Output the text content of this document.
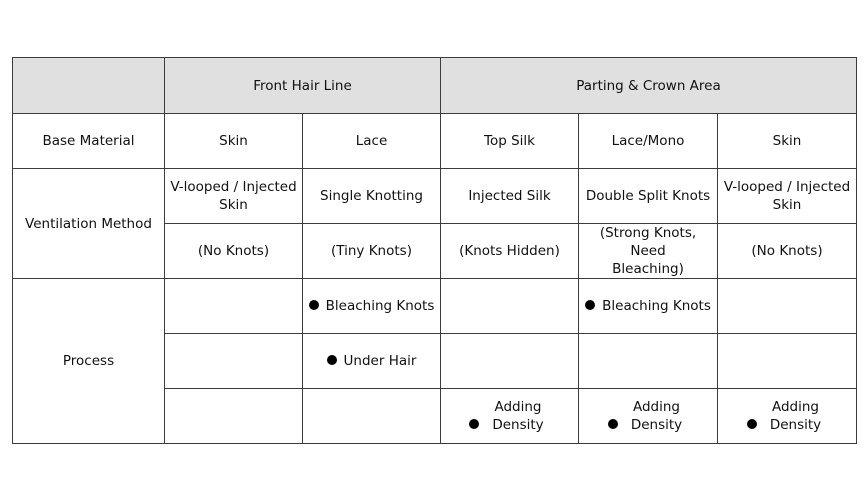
	Front Hair Line		Parting & Crown Area		
Base Material	Skin	Lace	Top Silk	Lace/Mono	Skin
Ventilation Method	V-looped / Injected Skin	Single Knotting	Injected Silk	Double Split Knots	V-looped / Injected Skin
	(No Knots)	(Tiny Knots)	(Knots Hidden)	(Strong Knots, Need Bleaching)	(No Knots)
Process		Bleaching Knots		Bleaching Knots	
		Under Hair			
			Adding Density	Adding Density	Adding Density
